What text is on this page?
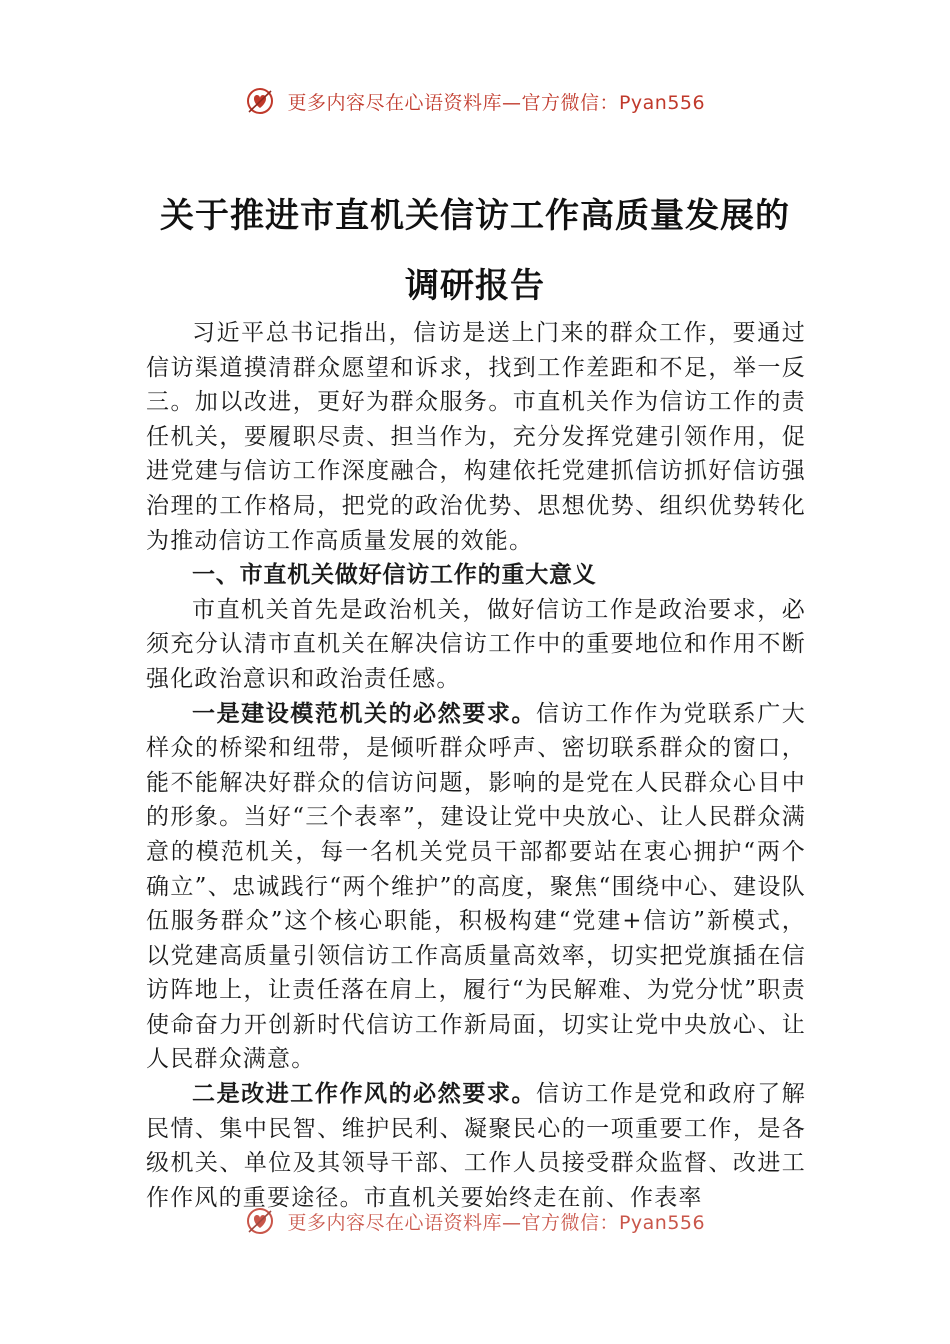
更多内容尽在心语资料库—官方微信：Pyan556
关于推进市直机关信访工作高质量发展的
调研报告

习近平总书记指出，信访是送上门来的群众工作，要通过信访渠道摸清群众愿望和诉求，找到工作差距和不足，举一反三。加以改进，更好为群众服务。市直机关作为信访工作的责任机关，要履职尽责、担当作为，充分发挥党建引领作用，促进党建与信访工作深度融合，构建依托党建抓信访抓好信访强治理的工作格局，把党的政治优势、思想优势、组织优势转化为推动信访工作高质量发展的效能。

一、市直机关做好信访工作的重大意义

市直机关首先是政治机关，做好信访工作是政治要求，必须充分认清市直机关在解决信访工作中的重要地位和作用不断强化政治意识和政治责任感。

一是建设模范机关的必然要求。信访工作作为党联系广大样众的桥梁和纽带，是倾听群众呼声、密切联系群众的窗口，能不能解决好群众的信访问题，影响的是党在人民群众心目中的形象。当好“三个表率”，建设让党中央放心、让人民群众满意的模范机关，每一名机关党员干部都要站在衷心拥护“两个确立”、忠诚践行“两个维护”的高度，聚焦“围绕中心、建设队伍服务群众”这个核心职能，积极构建“党建+信访”新模式，以党建高质量引领信访工作高质量高效率，切实把党旗插在信访阵地上，让责任落在肩上，履行“为民解难、为党分忧”职责使命奋力开创新时代信访工作新局面，切实让党中央放心、让人民群众满意。

二是改进工作作风的必然要求。信访工作是党和政府了解民情、集中民智、维护民利、凝聚民心的一项重要工作，是各级机关、单位及其领导干部、工作人员接受群众监督、改进工作作风的重要途径。市直机关要始终走在前、作表率

更多内容尽在心语资料库—官方微信：Pyan556
